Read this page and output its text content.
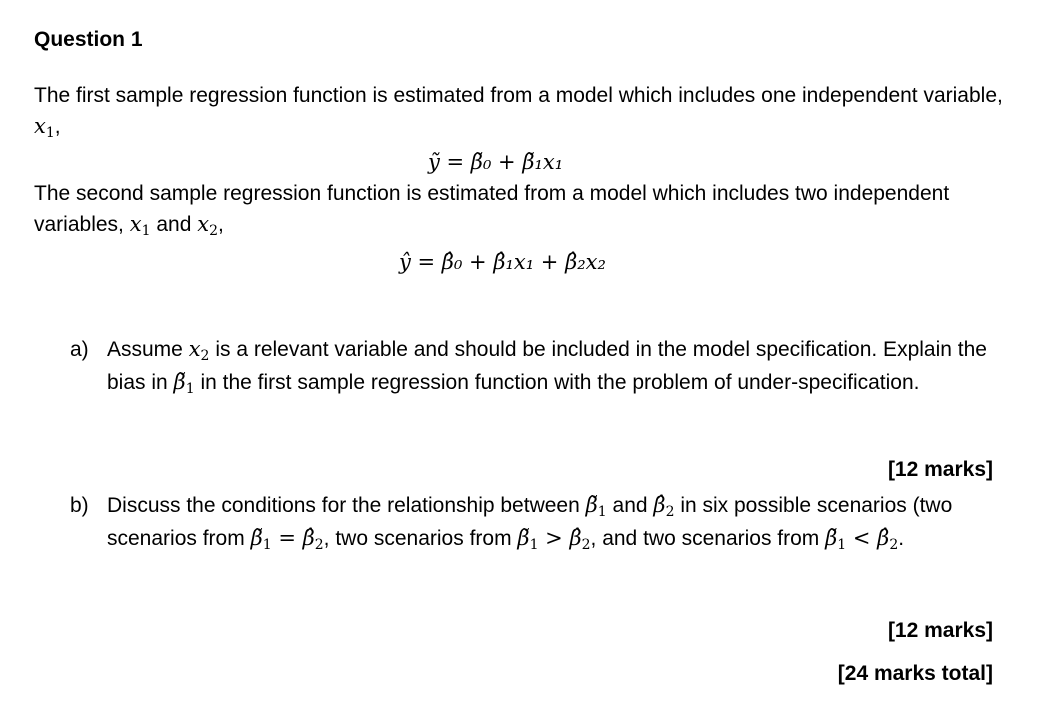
Question 1
The first sample regression function is estimated from a model which includes one independent variable, $x_1$,
ỹ = β̃₀ + β̃₁x₁
The second sample regression function is estimated from a model which includes two independent variables, $x_1$ and $x_2$,
ŷ = β̂₀ + β̂₁x₁ + β̂₂x₂
a) Assume $x_2$ is a relevant variable and should be included in the model specification. Explain the bias in $\betã_1$ in the first sample regression function with the problem of under-specification.
[12 marks]
b) Discuss the conditions for the relationship between $\betã_1$ and $\betâ_2$ in six possible scenarios (two scenarios from $\betã_1$ = $\betâ_2$, two scenarios from $\betã_1$ > $\betâ_2$, and two scenarios from $\betã_1$ < $\betâ_2$.
[12 marks]
[24 marks total]
